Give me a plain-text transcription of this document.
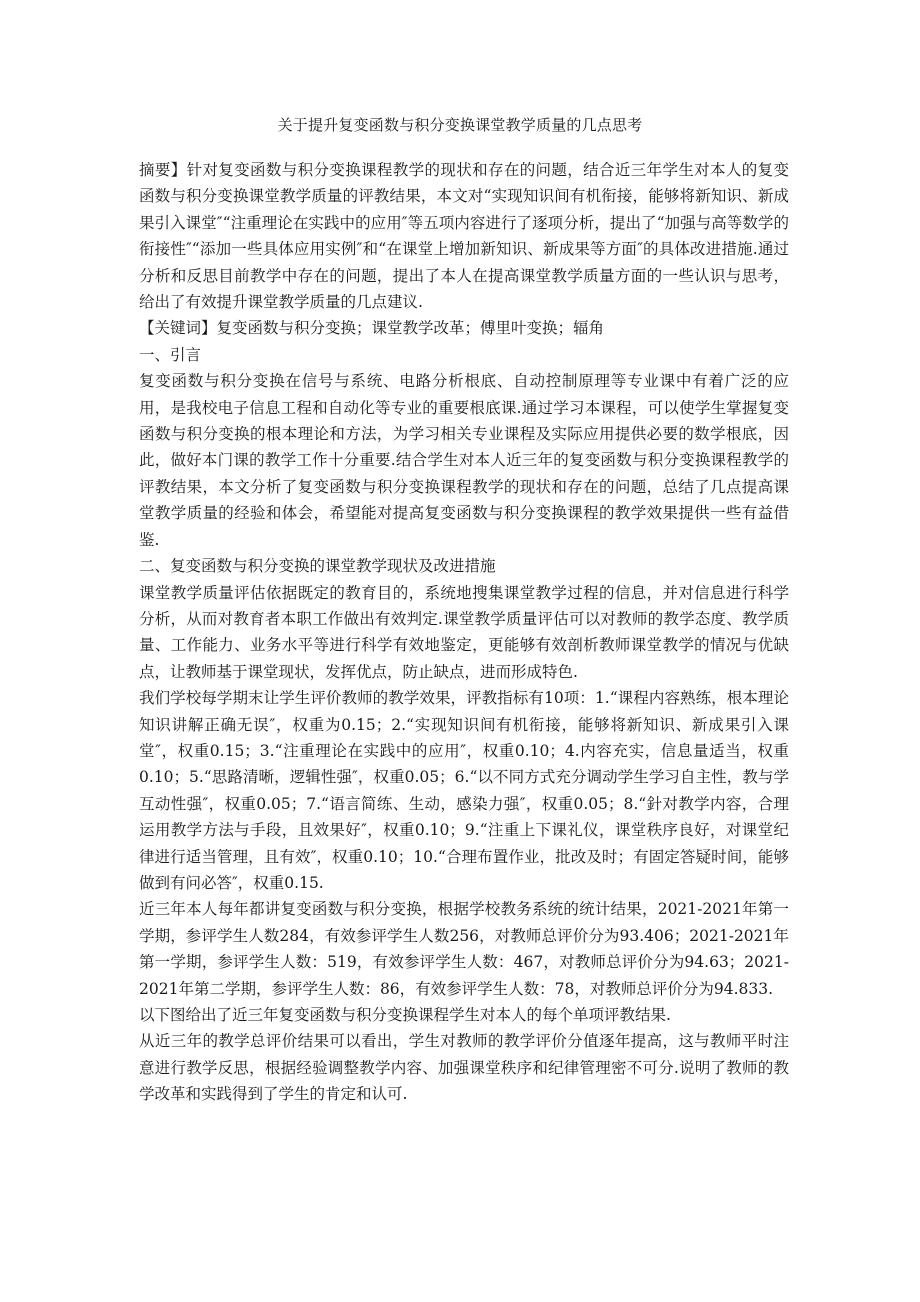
关于提升复变函数与积分变换课堂教学质量的几点思考

摘要】针对复变函数与积分变换课程教学的现状和存在的问题，结合近三年学生对本人的复变函数与积分变换课堂教学质量的评教结果，本文对“实现知识间有机衔接，能够将新知识、新成果引入课堂″“注重理论在实践中的应用″等五项内容进行了逐项分析，提出了“加强与高等数学的衔接性″“添加一些具体应用实例″和“在课堂上增加新知识、新成果等方面″的具体改进措施.通过分析和反思目前教学中存在的问题，提出了本人在提高课堂教学质量方面的一些认识与思考，给出了有效提升课堂教学质量的几点建议.

【关键词】复变函数与积分变换；课堂教学改革；傅里叶变换；辐角

一、引言

复变函数与积分变换在信号与系统、电路分析根底、自动控制原理等专业课中有着广泛的应用，是我校电子信息工程和自动化等专业的重要根底课.通过学习本课程，可以使学生掌握复变函数与积分变换的根本理论和方法，为学习相关专业课程及实际应用提供必要的数学根底，因此，做好本门课的教学工作十分重要.结合学生对本人近三年的复变函数与积分变换课程教学的评教结果，本文分析了复变函数与积分变换课程教学的现状和存在的问题，总结了几点提高课堂教学质量的经验和体会，希望能对提高复变函数与积分变换课程的教学效果提供一些有益借鉴.

二、复变函数与积分变换的课堂教学现状及改进措施

课堂教学质量评估依据既定的教育目的，系统地搜集课堂教学过程的信息，并对信息进行科学分析，从而对教育者本职工作做出有效判定.课堂教学质量评估可以对教师的教学态度、教学质量、工作能力、业务水平等进行科学有效地鉴定，更能够有效剖析教师课堂教学的情况与优缺点，让教师基于课堂现状，发挥优点，防止缺点，进而形成特色.

我们学校每学期末让学生评价教师的教学效果，评教指标有10项：1.“课程内容熟练，根本理论知识讲解正确无误″，权重为0.15；2.“实现知识间有机衔接，能够将新知识、新成果引入课堂″，权重0.15；3.“注重理论在实践中的应用″，权重0.10；4.内容充实，信息量适当，权重0.10；5.“思路清晰，逻辑性强″，权重0.05；6.“以不同方式充分调动学生学习自主性，教与学互动性强″，权重0.05；7.“语言简练、生动，感染力强″，权重0.05；8.“針对教学内容，合理运用教学方法与手段，且效果好″，权重0.10；9.“注重上下课礼仪，课堂秩序良好，对课堂纪律进行适当管理，且有效″，权重0.10；10.“合理布置作业，批改及时；有固定答疑时间，能够做到有问必答″，权重0.15.

近三年本人每年都讲复变函数与积分变换，根据学校教务系统的统计结果，2021-2021年第一学期，参评学生人数284，有效参评学生人数256，对教师总评价分为93.406；2021-2021年第一学期，参评学生人数：519，有效参评学生人数：467，对教师总评价分为94.63；2021-2021年第二学期，参评学生人数：86，有效参评学生人数：78，对教师总评价分为94.833.

以下图给出了近三年复变函数与积分变换课程学生对本人的每个单项评教结果.

从近三年的教学总评价结果可以看出，学生对教师的教学评价分值逐年提高，这与教师平时注意进行教学反思，根据经验调整教学内容、加强课堂秩序和纪律管理密不可分.说明了教师的教学改革和实践得到了学生的肯定和认可.
